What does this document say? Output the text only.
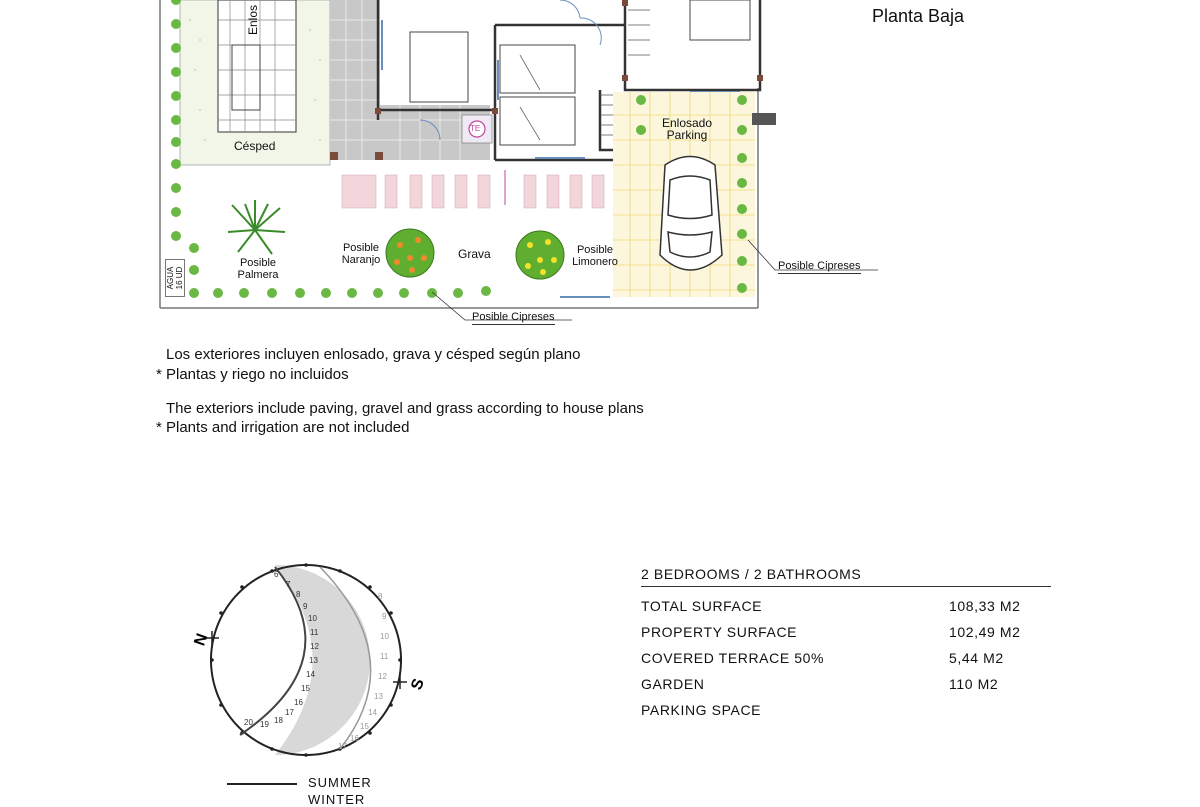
Planta Baja
Enlos
Césped
Enlosado
Parking
Posible
Palmera
Posible
Naranjo	Grava	Posible
Limonero	Posible Cipreses
Posible Cipreses
AGUA
16 UD
TE
Los exteriores incluyen enlosado, grava y césped según plano
* Plantas y riego no incluidos
The exteriors include paving, gravel and grass according to house plans
* Plants and irrigation are not included
6
7
8
9
10
11
12
13
14
15
16
17
18
19
20
8
9
10
11
12
13
14
15
16
17
N
S
SUMMER
WINTER
2 BEDROOMS / 2 BATHROOMS
TOTAL SURFACE	108,33 M2
PROPERTY SURFACE	102,49 M2
COVERED TERRACE 50%	5,44 M2
GARDEN	110 M2
PARKING SPACE
